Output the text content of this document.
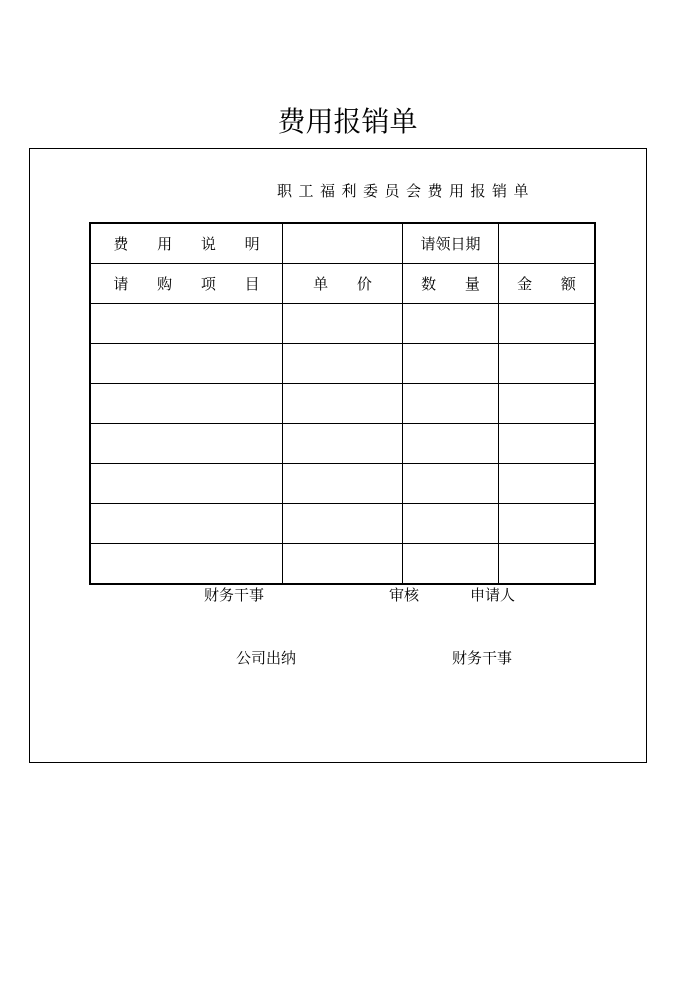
费用报销单
职工福利委员会费用报销单
费 用 说 明		请领日期	
请 购 项 目	单 价	数 量	金 额

财务干事	审核	申请人
公司出纳	财务干事
